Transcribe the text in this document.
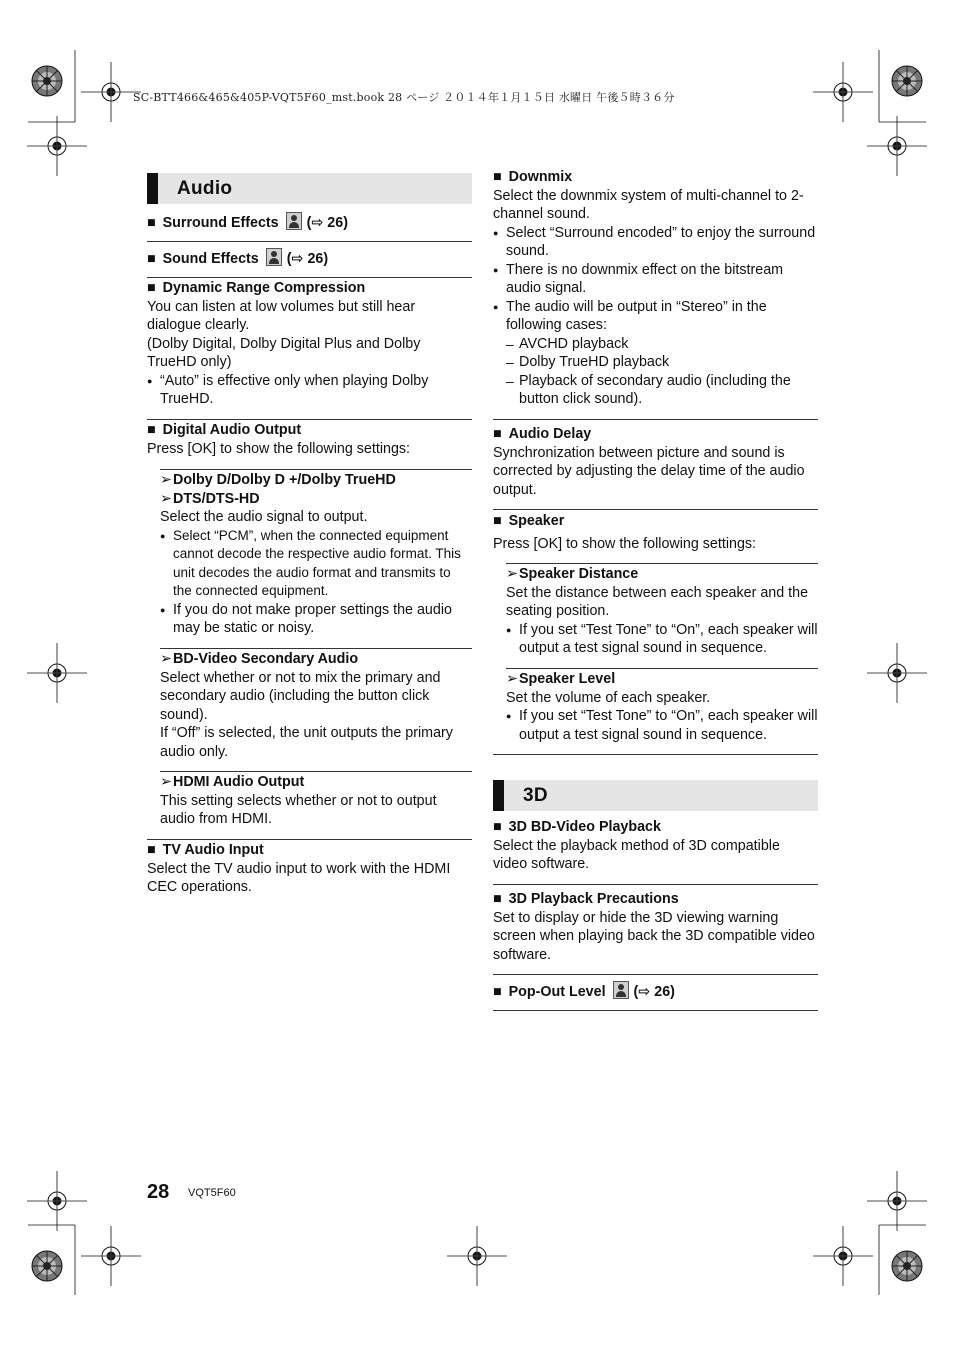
SC-BTT466&465&405P-VQT5F60_mst.book 28 ページ ２０１４年１月１５日 水曜日 午後５時３６分
Audio
■ Surround Effects (⇨ 26)
■ Sound Effects (⇨ 26)
■ Dynamic Range Compression
You can listen at low volumes but still hear dialogue clearly.
(Dolby Digital, Dolby Digital Plus and Dolby TrueHD only)
● “Auto” is effective only when playing Dolby TrueHD.
■ Digital Audio Output
Press [OK] to show the following settings:
➢Dolby D/Dolby D +/Dolby TrueHD
➢DTS/DTS-HD
Select the audio signal to output.
● Select “PCM”, when the connected equipment cannot decode the respective audio format. This unit decodes the audio format and transmits to the connected equipment.
● If you do not make proper settings the audio may be static or noisy.
➢BD-Video Secondary Audio
Select whether or not to mix the primary and secondary audio (including the button click sound).
If “Off” is selected, the unit outputs the primary audio only.
➢HDMI Audio Output
This setting selects whether or not to output audio from HDMI.
■ TV Audio Input
Select the TV audio input to work with the HDMI CEC operations.
■ Downmix
Select the downmix system of multi-channel to 2-channel sound.
● Select “Surround encoded” to enjoy the surround sound.
● There is no downmix effect on the bitstream audio signal.
● The audio will be output in “Stereo” in the following cases:
– AVCHD playback
– Dolby TrueHD playback
– Playback of secondary audio (including the button click sound).
■ Audio Delay
Synchronization between picture and sound is corrected by adjusting the delay time of the audio output.
■ Speaker
Press [OK] to show the following settings:
➢Speaker Distance
Set the distance between each speaker and the seating position.
● If you set “Test Tone” to “On”, each speaker will output a test signal sound in sequence.
➢Speaker Level
Set the volume of each speaker.
● If you set “Test Tone” to “On”, each speaker will output a test signal sound in sequence.
3D
■ 3D BD-Video Playback
Select the playback method of 3D compatible video software.
■ 3D Playback Precautions
Set to display or hide the 3D viewing warning screen when playing back the 3D compatible video software.
■ Pop-Out Level (⇨ 26)
28 VQT5F60
